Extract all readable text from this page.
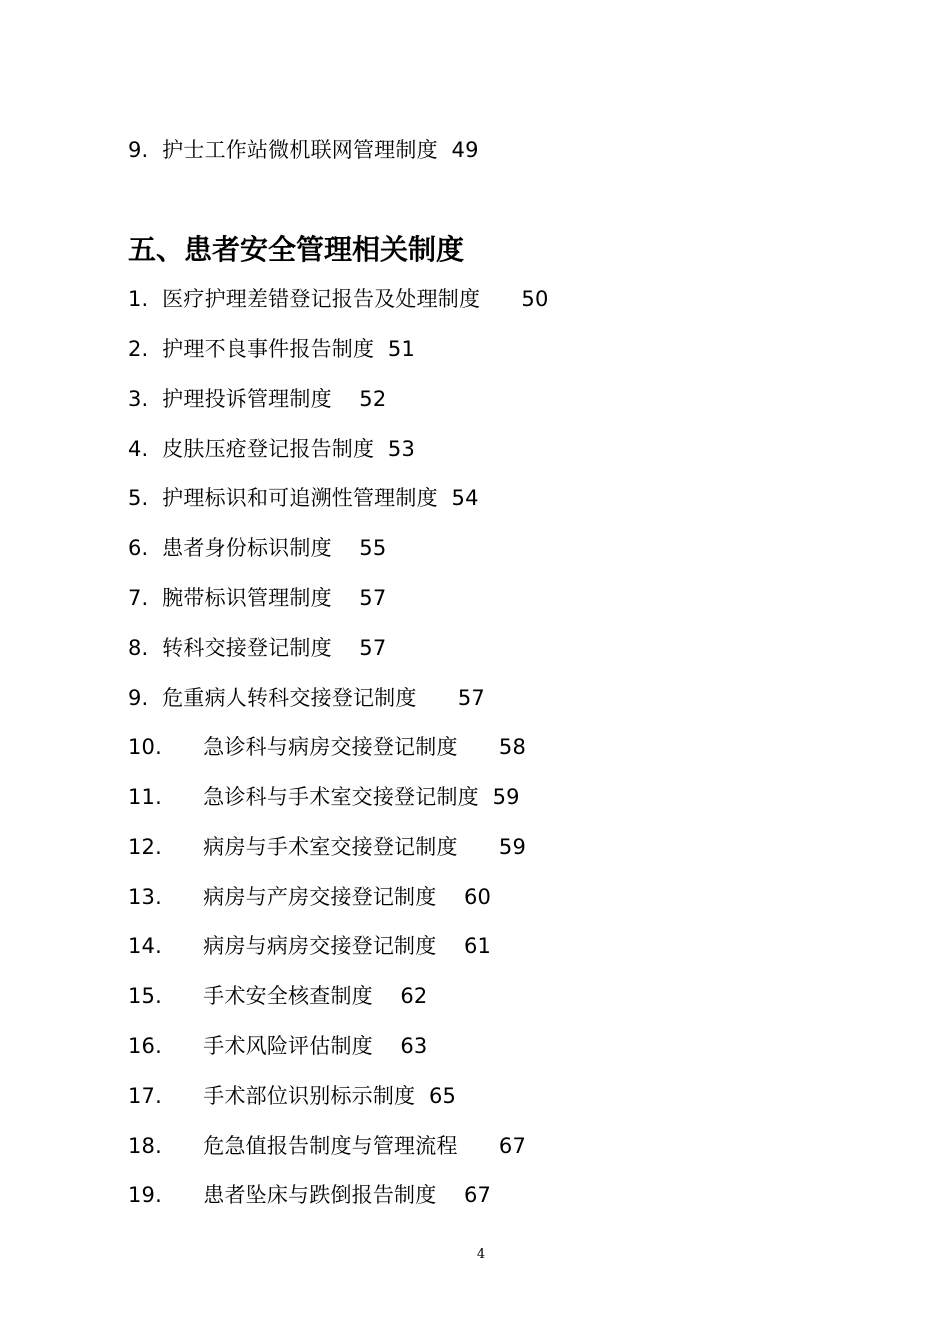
9.  护士工作站微机联网管理制度  49
五、患者安全管理相关制度
1.  医疗护理差错登记报告及处理制度      50
2.  护理不良事件报告制度  51
3.  护理投诉管理制度    52
4.  皮肤压疮登记报告制度  53
5.  护理标识和可追溯性管理制度  54
6.  患者身份标识制度    55
7.  腕带标识管理制度    57
8.  转科交接登记制度    57
9.  危重病人转科交接登记制度      57
10.      急诊科与病房交接登记制度      58
11.      急诊科与手术室交接登记制度  59
12.      病房与手术室交接登记制度      59
13.      病房与产房交接登记制度    60
14.      病房与病房交接登记制度    61
15.      手术安全核查制度    62
16.      手术风险评估制度    63
17.      手术部位识别标示制度  65
18.      危急值报告制度与管理流程      67
19.      患者坠床与跌倒报告制度    67
4
